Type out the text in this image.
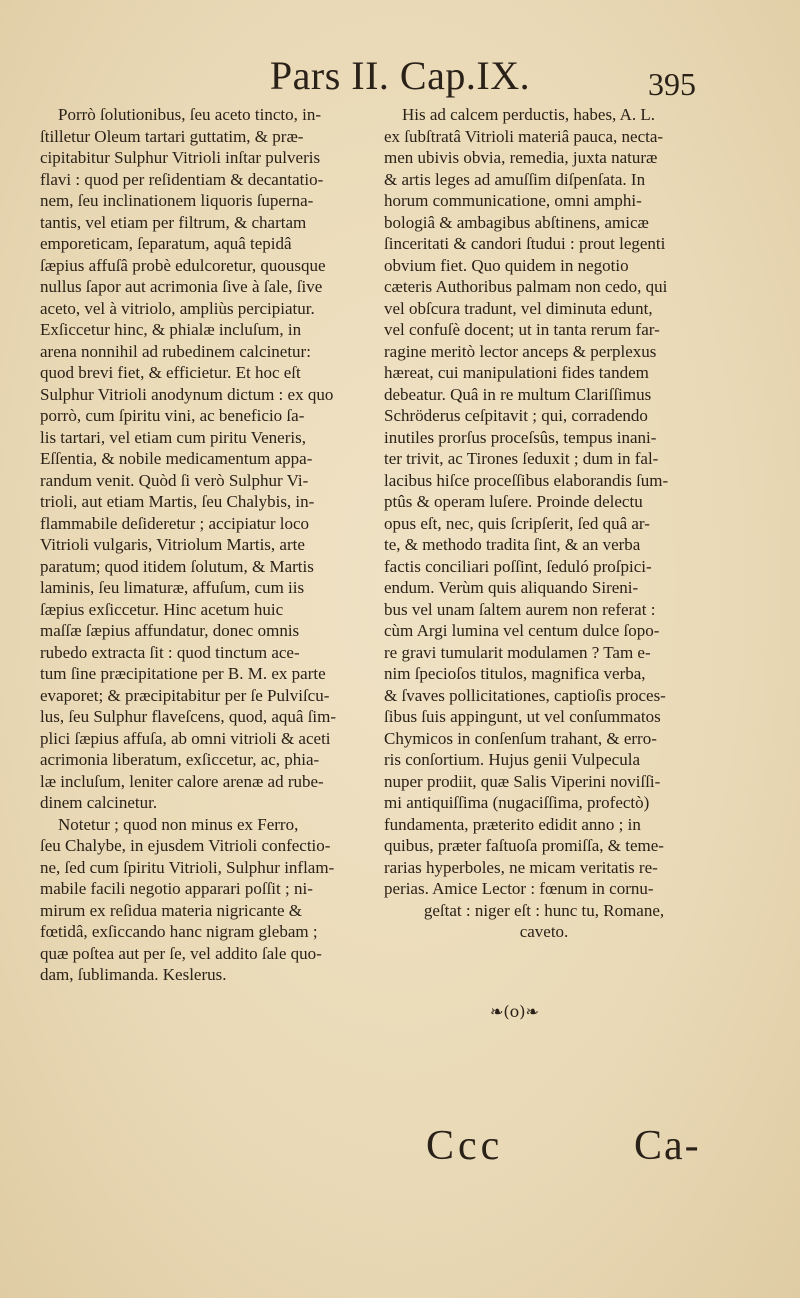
Pars II. Cap.IX.	395
Porrò ſolutionibus, ſeu aceto tincto, in-
ſtilletur Oleum tartari guttatim, & præ-
cipitabitur Sulphur Vitrioli inſtar pulveris
flavi : quod per reſidentiam & decantatio-
nem, ſeu inclinationem liquoris ſuperna-
tantis, vel etiam per filtrum, & chartam
emporeticam, ſeparatum, aquâ tepidâ
ſæpius affuſâ probè edulcoretur, quousque
nullus ſapor aut acrimonia ſive à ſale, ſive
aceto, vel à vitriolo, ampliùs percipiatur.
Exſiccetur hinc, & phialæ incluſum, in
arena nonnihil ad rubedinem calcinetur:
quod brevi fiet, & efficietur. Et hoc eſt
Sulphur Vitrioli anodynum dictum : ex quo
porrò, cum ſpiritu vini, ac beneficio ſa-
lis tartari, vel etiam cum piritu Veneris,
Eſſentia, & nobile medicamentum appa-
randum venit. Quòd ſi verò Sulphur Vi-
trioli, aut etiam Martis, ſeu Chalybis, in-
flammabile deſideretur ; accipiatur loco
Vitrioli vulgaris, Vitriolum Martis, arte
paratum; quod itidem ſolutum, & Martis
laminis, ſeu limaturæ, affuſum, cum iis
ſæpius exſiccetur. Hinc acetum huic
maſſæ ſæpius affundatur, donec omnis
rubedo extracta ſit : quod tinctum ace-
tum ſine præcipitatione per B. M. ex parte
evaporet; & præcipitabitur per ſe Pulviſcu-
lus, ſeu Sulphur flaveſcens, quod, aquâ ſim-
plici ſæpius affuſa, ab omni vitrioli & aceti
acrimonia liberatum, exſiccetur, ac, phia-
læ incluſum, leniter calore arenæ ad rube-
dinem calcinetur.
Notetur ; quod non minus ex Ferro,
ſeu Chalybe, in ejusdem Vitrioli confectio-
ne, ſed cum ſpiritu Vitrioli, Sulphur inflam-
mabile facili negotio apparari poſſit ; ni-
mirum ex reſidua materia nigricante &
fœtidâ, exſiccando hanc nigram glebam ;
quæ poſtea aut per ſe, vel addito ſale quo-
dam, ſublimanda. Keslerus.
His ad calcem perductis, habes, A. L.
ex ſubſtratâ Vitrioli materiâ pauca, necta-
men ubivis obvia, remedia, juxta naturæ
& artis leges ad amuſſim diſpenſata. In
horum communicatione, omni amphi-
bologiâ & ambagibus abſtinens, amicæ
ſinceritati & candori ſtudui : prout legenti
obvium fiet. Quo quidem in negotio
cæteris Authoribus palmam non cedo, qui
vel obſcura tradunt, vel diminuta edunt,
vel confuſè docent; ut in tanta rerum far-
ragine meritò lector anceps & perplexus
hæreat, cui manipulationi fides tandem
debeatur. Quâ in re multum Clariſſimus
Schröderus ceſpitavit ; qui, corradendo
inutiles prorſus proceſsûs, tempus inani-
ter trivit, ac Tirones ſeduxit ; dum in fal-
lacibus hiſce proceſſibus elaborandis ſum-
ptûs & operam luſere. Proinde delectu
opus eſt, nec, quis ſcripſerit, ſed quâ ar-
te, & methodo tradita ſint, & an verba
factis conciliari poſſint, ſeduló proſpici-
endum. Verùm quis aliquando Sireni-
bus vel unam ſaltem aurem non referat :
cùm Argi lumina vel centum dulce ſopo-
re gravi tumularit modulamen ? Tam e-
nim ſpecioſos titulos, magnifica verba,
& ſvaves pollicitationes, captioſis proces-
ſibus ſuis appingunt, ut vel conſummatos
Chymicos in conſenſum trahant, & erro-
ris conſortium. Hujus genii Vulpecula
nuper prodiit, quæ Salis Viperini noviſſi-
mi antiquiſſima (nugaciſſima, profectò)
fundamenta, præterito edidit anno ; in
quibus, præter faſtuoſa promiſſa, & teme-
rarias hyperboles, ne micam veritatis re-
perias. Amice Lector : fœnum in cornu-
geſtat : niger eſt : hunc tu, Romane,
caveto.
❧(o)❧
Ccc	Ca-
